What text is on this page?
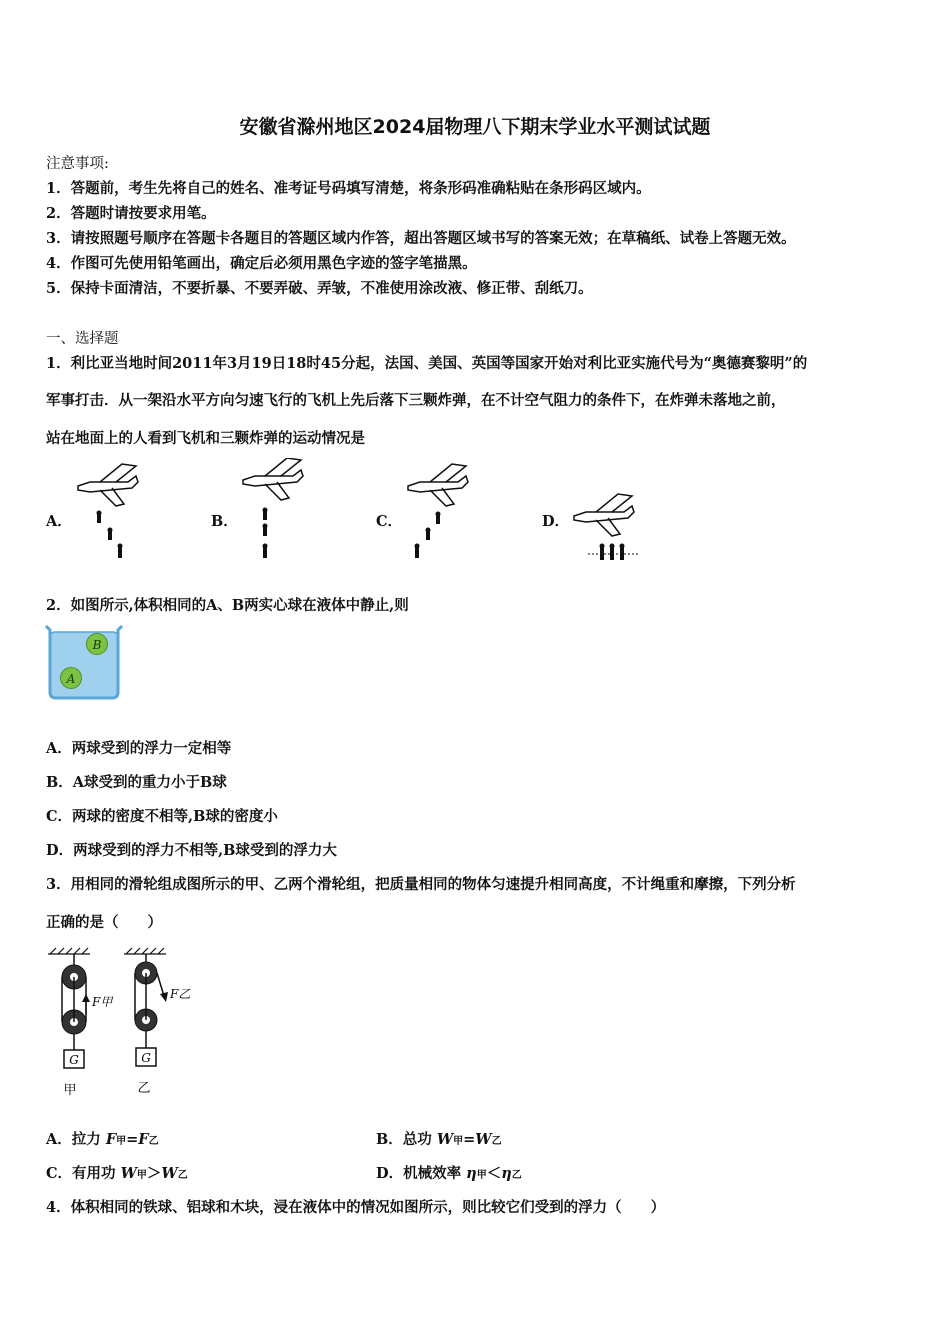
安徽省滁州地区2024届物理八下期末学业水平测试试题
注意事项:
1．答题前，考生先将自己的姓名、准考证号码填写清楚，将条形码准确粘贴在条形码区域内。
2．答题时请按要求用笔。
3．请按照题号顺序在答题卡各题目的答题区域内作答，超出答题区域书写的答案无效；在草稿纸、试卷上答题无效。
4．作图可先使用铅笔画出，确定后必须用黑色字迹的签字笔描黑。
5．保持卡面清洁，不要折暴、不要弄破、弄皱，不准使用涂改液、修正带、刮纸刀。
一、选择题
1．利比亚当地时间2011年3月19日18时45分起，法国、美国、英国等国家开始对利比亚实施代号为“奥德赛黎明”的
军事打击．从一架沿水平方向匀速飞行的飞机上先后落下三颗炸弹，在不计空气阻力的条件下，在炸弹未落地之前，
站在地面上的人看到飞机和三颗炸弹的运动情况是
A．	B．	C．	D．
2．如图所示,体积相同的A、B两实心球在液体中静止,则
B
A
A．两球受到的浮力一定相等
B．A球受到的重力小于B球
C．两球的密度不相等,B球的密度小
D．两球受到的浮力不相等,B球受到的浮力大
3．用相同的滑轮组成图所示的甲、乙两个滑轮组，把质量相同的物体匀速提升相同高度，不计绳重和摩擦，下列分析
正确的是（　　）
F甲
G
甲
F乙
G
乙
A．拉力 F甲=F乙	B．总功 W甲=W乙
C．有用功 W甲＞W乙	D．机械效率 η甲＜η乙
4．体积相同的铁球、铝球和木块，浸在液体中的情况如图所示，则比较它们受到的浮力（　　）
